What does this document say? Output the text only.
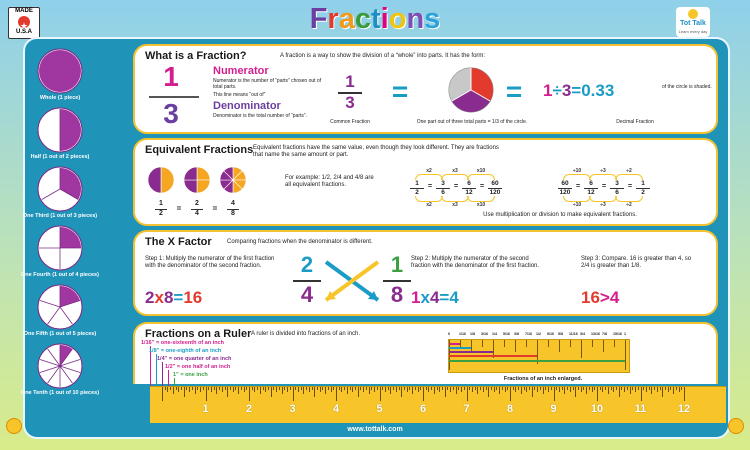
MADE
★
U.S.A	Fractions	Tot Talk
Learn every day
Whole (1 piece)
Half (1 out of 2 pieces)
One Third (1 out of 3 pieces)
One Fourth (1 out of 4 pieces)
One Fifth (1 out of 5 pieces)
One Tenth (1 out of 10 pieces)
What is a Fraction?	A fraction is a way to show the division of a “whole” into parts. It has the form:
1
3
Numerator
Numerator is the number of “parts” chosen out of total parts.
This line means “out of”
Denominator
Denominator is the total number of “parts”.
1
3
Common Fraction
=
One part out of three total parts = 1/3 of the circle.
= 1÷3=0.33	of the circle is shaded.
Decimal Fraction
Equivalent Fractions Equivalent fractions have the same value, even though they look different. They are fractions that name the same amount or part.
For example: 1/2, 2/4 and 4/8 are all equivalent fractions.
1
2
=
2
4
=
4
8
1
2
=
x2
x2
3
6
=
x3
x3
6
12
=
x10
x10
60
120
60
120
=
÷10
÷10
6
12
=
÷3
÷3
3
6
=
÷2
÷2
1
2
Use multiplication or division to make equivalent fractions.
The X Factor	Comparing fractions when the denominator is different.
Step 1: Multiply the numerator of the first fraction with the denominator of the second fraction.
2x8=16
2
4
1
8
Step 2: Multiply the numerator of the second fraction with the denominator of the first fraction.
1x4=4
Step 3: Compare. 16 is greater than 4, so 2/4 is greater than 1/8.
16>4
Fractions on a Ruler A ruler is divided into fractions of an inch.
1/16” = one-sixteenth of an inch
1/8” = one-eighth of an inch
1/4” = one quarter of an inch
1/2” = one half of an inch
1” = one inch
0	1/16 1/8 3/16 1/4 5/16 3/8 7/16 1/2 9/16 5/8 11/16 3/4 13/16 7/8 15/16 1
Fractions of an inch enlarged.
1	2	3	4	5	6	7	8	9	10	11	12
www.tottalk.com
